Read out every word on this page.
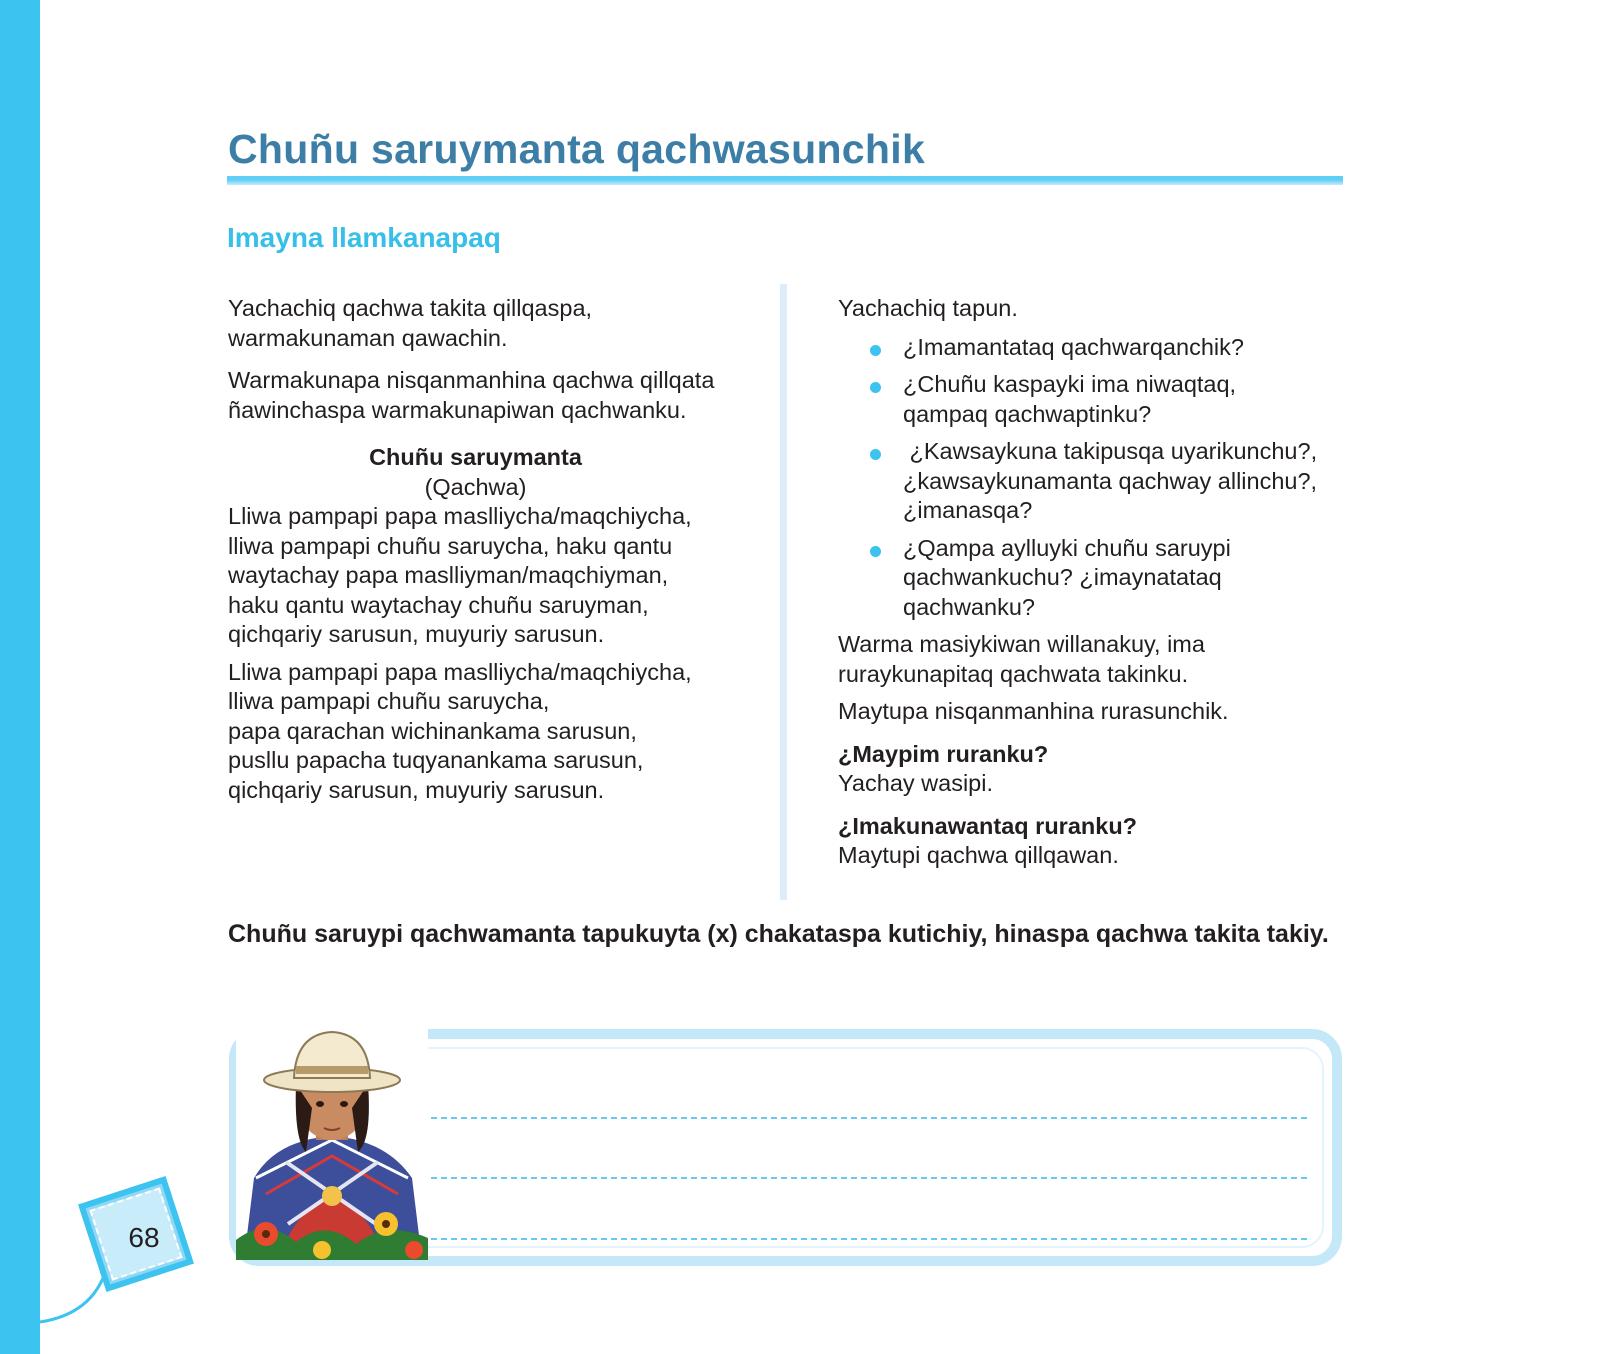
Chuñu saruymanta qachwasunchik
Imayna llamkanapaq

Yachachiq qachwa takita qillqaspa, warmakunaman qawachin.

Warmakunapa nisqanmanhina qachwa qillqata ñawinchaspa warmakunapiwan qachwanku.

Chuñu saruymanta

(Qachwa)

Lliwa pampapi papa maslliycha/maqchiycha,

lliwa pampapi chuñu saruycha, haku qantu

waytachay papa maslliyman/maqchiyman,

haku qantu waytachay chuñu saruyman,

qichqariy sarusun, muyuriy sarusun.

Lliwa pampapi papa maslliycha/maqchiycha,

lliwa pampapi chuñu saruycha,

papa qarachan wichinankama sarusun,

pusllu papacha tuqyanankama sarusun,

qichqariy sarusun, muyuriy sarusun.

Yachachiq tapun.

¿Imamantataq qachwarqanchik?
¿Chuñu kaspayki ima niwaqtaq,
qampaq qachwaptinku?
¿Kawsaykuna takipusqa uyarikunchu?,
¿kawsaykunamanta qachway allinchu?,
¿imanasqa?
¿Qampa aylluyki chuñu saruypi
qachwankuchu? ¿imaynatataq
qachwanku?

Warma masiykiwan willanakuy, ima ruraykunapitaq qachwata takinku.

Maytupa nisqanmanhina rurasunchik.

¿Maypim ruranku?

Yachay wasipi.

¿Imakunawantaq ruranku?

Maytupi qachwa qillqawan.

Chuñu saruypi qachwamanta tapukuyta (x) chakataspa kutichiy, hinaspa qachwa takita takiy.

68
